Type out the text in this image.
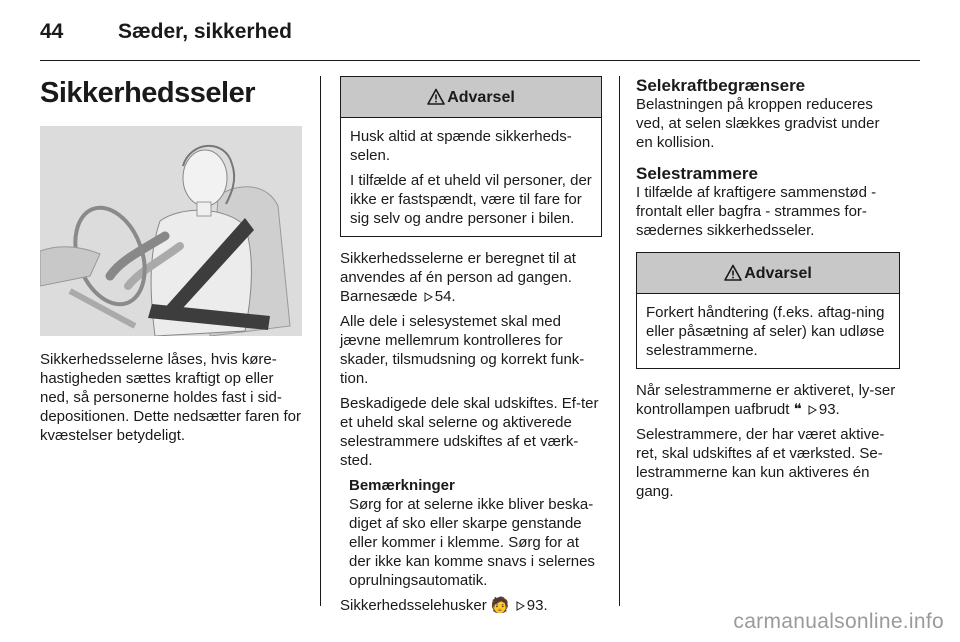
44	Sæder, sikkerhed
Sikkerhedsseler

Sikkerhedsselerne låses, hvis køre-hastigheden sættes kraftigt op eller ned, så personerne holdes fast i sid-depositionen. Dette nedsætter faren for kvæstelser betydeligt.

Advarsel

Husk altid at spænde sikkerheds-selen.

I tilfælde af et uheld vil personer, der ikke er fastspændt, være til fare for sig selv og andre personer i bilen.

Sikkerhedsselerne er beregnet til at anvendes af én person ad gangen. Barnesæde 54.

Alle dele i selesystemet skal med jævne mellemrum kontrolleres for skader, tilsmudsning og korrekt funk-tion.

Beskadigede dele skal udskiftes. Ef-ter et uheld skal selerne og aktiverede selestrammere udskiftes af et værk-sted.

Bemærkninger
Sørg for at selerne ikke bliver beska-diget af sko eller skarpe genstande eller kommer i klemme. Sørg for at der ikke kan komme snavs i selernes oprulningsautomatik.

Sikkerhedsselehusker 🧑 93.

Selekraftbegrænsere
Belastningen på kroppen reduceres ved, at selen slækkes gradvist under en kollision.
Selestrammere
I tilfælde af kraftigere sammenstød - frontalt eller bagfra - strammes for-sædernes sikkerhedsseler.
Advarsel

Forkert håndtering (f.eks. aftag-ning eller påsætning af seler) kan udløse selestrammerne.

Når selestrammerne er aktiveret, ly-ser kontrollampen uafbrudt ❝ 93.

Selestrammere, der har været aktive-ret, skal udskiftes af et værksted. Se-lestrammerne kan kun aktiveres én gang.

carmanualsonline.info
